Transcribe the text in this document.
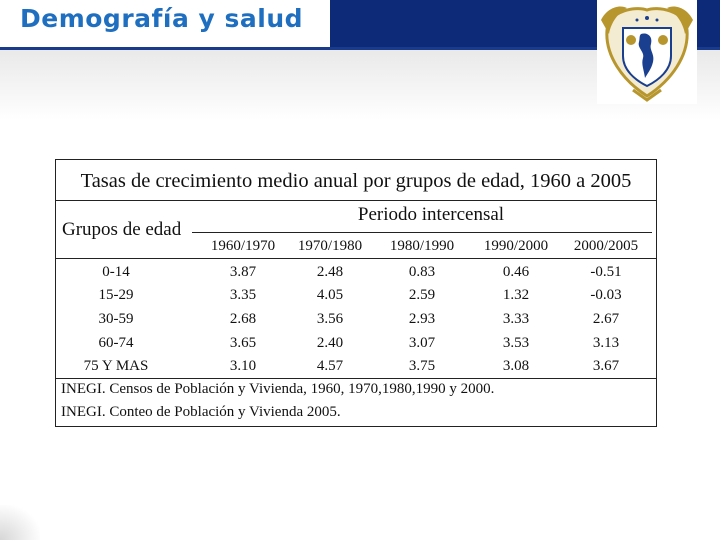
Demografía y salud
Tasas de crecimiento medio anual por grupos de edad, 1960 a 2005
Periodo intercensal
Grupos de edad
1960/1970	1970/1980	1980/1990	1990/2000	2000/2005
0-14	3.87	2.48	0.83	0.46	-0.51
15-29	3.35	4.05	2.59	1.32	-0.03
30-59	2.68	3.56	2.93	3.33	2.67
60-74	3.65	2.40	3.07	3.53	3.13
75 Y MAS	3.10	4.57	3.75	3.08	3.67
INEGI. Censos de Población y Vivienda, 1960, 1970,1980,1990 y 2000.
INEGI. Conteo de Población y Vivienda 2005.
